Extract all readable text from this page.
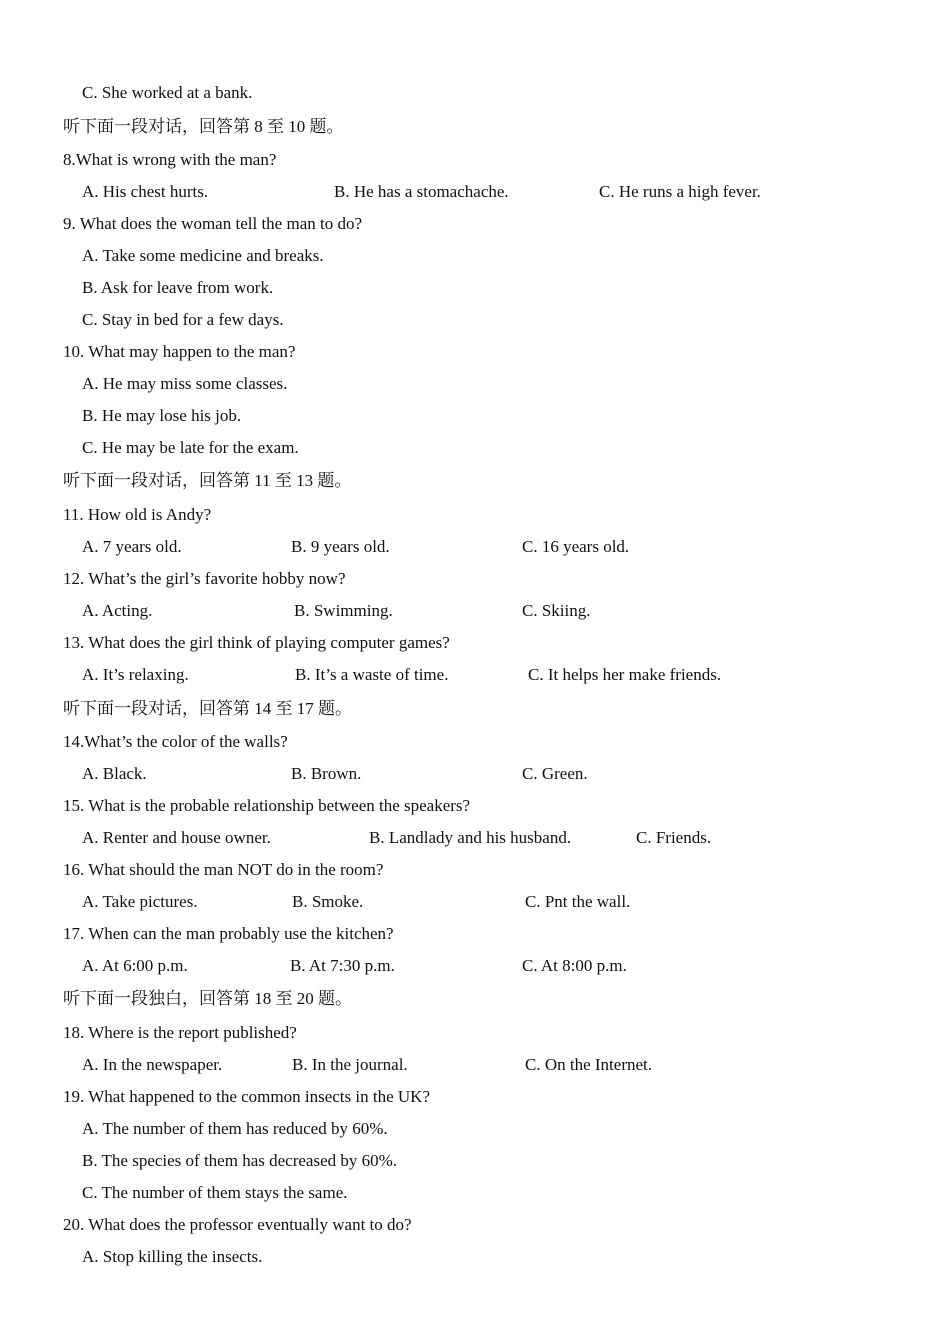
C. She worked at a bank.
听下面一段对话，回答第 8 至 10 题。
8.What is wrong with the man?
A. His chest hurts.	B. He has a stomachache.	C. He runs a high fever.
9. What does the woman tell the man to do?
A. Take some medicine and breaks.
B. Ask for leave from work.
C. Stay in bed for a few days.
10. What may happen to the man?
A. He may miss some classes.
B. He may lose his job.
C. He may be late for the exam.
听下面一段对话，回答第 11 至 13 题。
11. How old is Andy?
A. 7 years old.	B. 9 years old.	C. 16 years old.
12. What’s the girl’s favorite hobby now?
A. Acting.	B. Swimming.	C. Skiing.
13. What does the girl think of playing computer games?
A. It’s relaxing.	B. It’s a waste of time.	C. It helps her make friends.
听下面一段对话，回答第 14 至 17 题。
14.What’s the color of the walls?
A. Black.	B. Brown.	C. Green.
15. What is the probable relationship between the speakers?
A. Renter and house owner.	B. Landlady and his husband.	C. Friends.
16. What should the man NOT do in the room?
A. Take pictures.	B. Smoke.	C. Pnt the wall.
17. When can the man probably use the kitchen?
A. At 6:00 p.m.	B. At 7:30 p.m.	C. At 8:00 p.m.
听下面一段独白，回答第 18 至 20 题。
18. Where is the report published?
A. In the newspaper.	B. In the journal.	C. On the Internet.
19. What happened to the common insects in the UK?
A. The number of them has reduced by 60%.
B. The species of them has decreased by 60%.
C. The number of them stays the same.
20. What does the professor eventually want to do?
A. Stop killing the insects.
